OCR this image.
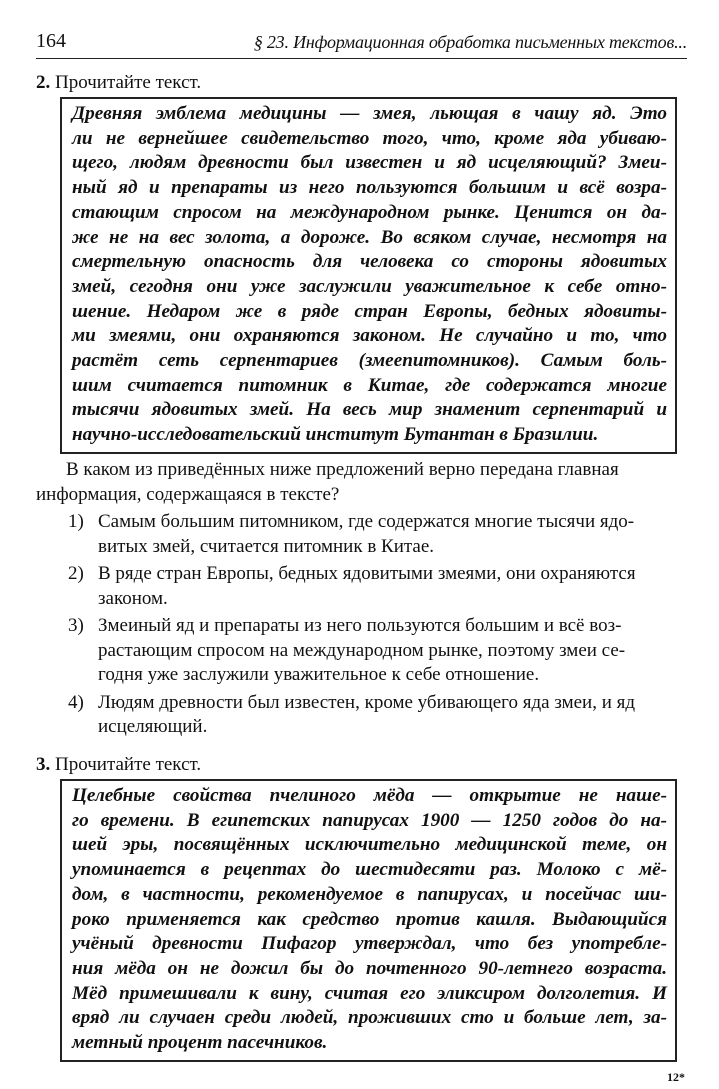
164	§ 23. Информационная обработка письменных текстов...
2. Прочитайте текст.
Древняя эмблема медицины — змея, льющая в чашу яд. Это
ли не вернейшее свидетельство того, что, кроме яда убиваю-
щего, людям древности был известен и яд исцеляющий? Змеи-
ный яд и препараты из него пользуются большим и всё возра-
стающим спросом на международном рынке. Ценится он да-
же не на вес золота, а дороже. Во всяком случае, несмотря на
смертельную опасность для человека со стороны ядовитых
змей, сегодня они уже заслужили уважительное к себе отно-
шение. Недаром же в ряде стран Европы, бедных ядовиты-
ми змеями, они охраняются законом. Не случайно и то, что
растёт сеть серпентариев (змеепитомников). Самым боль-
шим считается питомник в Китае, где содержатся многие
тысячи ядовитых змей. На весь мир знаменит серпентарий и
научно-исследовательский институт Бутантан в Бразилии.
В каком из приведённых ниже предложений верно передана главная
информация, содержащаяся в тексте?
1) Самым большим питомником, где содержатся многие тысячи ядо-
витых змей, считается питомник в Китае.
2) В ряде стран Европы, бедных ядовитыми змеями, они охраняются
законом.
3) Змеиный яд и препараты из него пользуются большим и всё воз-
растающим спросом на международном рынке, поэтому змеи се-
годня уже заслужили уважительное к себе отношение.
4) Людям древности был известен, кроме убивающего яда змеи, и яд
исцеляющий.
3. Прочитайте текст.
Целебные свойства пчелиного мёда — открытие не наше-
го времени. В египетских папирусах 1900 — 1250 годов до на-
шей эры, посвящённых исключительно медицинской теме, он
упоминается в рецептах до шестидесяти раз. Молоко с мё-
дом, в частности, рекомендуемое в папирусах, и посейчас ши-
роко применяется как средство против кашля. Выдающийся
учёный древности Пифагор утверждал, что без употребле-
ния мёда он не дожил бы до почтенного 90-летнего возраста.
Мёд примешивали к вину, считая его эликсиром долголетия. И
вряд ли случаен среди людей, проживших сто и больше лет, за-
метный процент пасечников.
12*
